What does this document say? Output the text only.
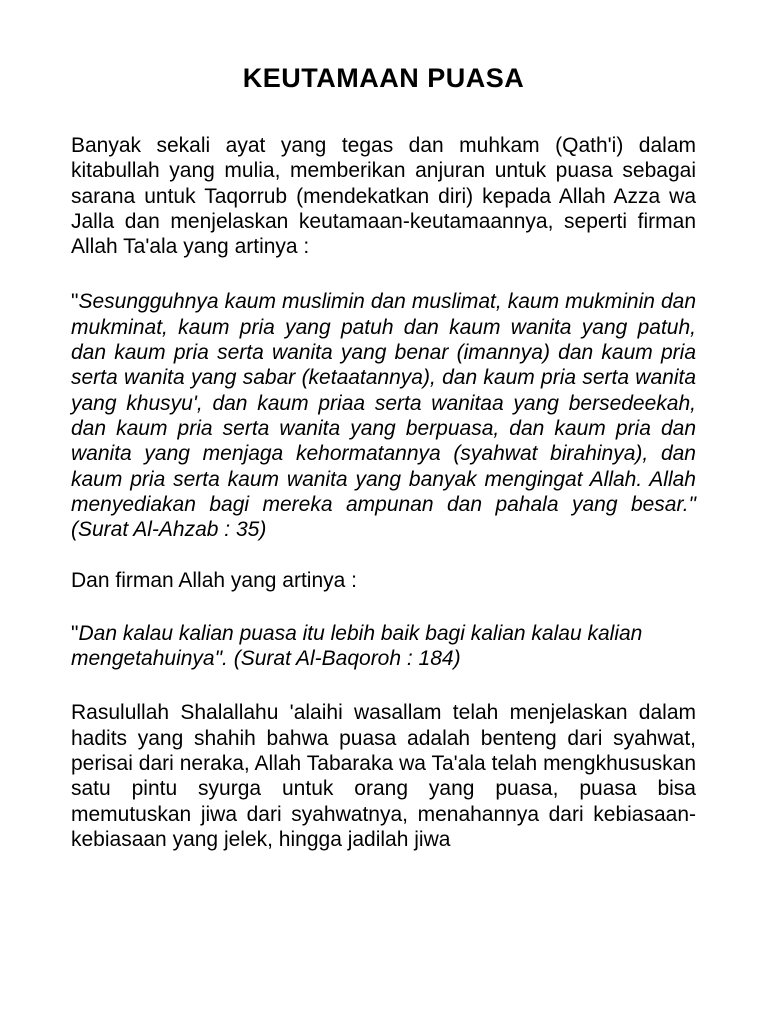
KEUTAMAAN PUASA

Banyak sekali ayat yang tegas dan muhkam (Qath'i) dalam kitabullah yang mulia, memberikan anjuran untuk puasa sebagai sarana untuk Taqorrub (mendekatkan diri) kepada Allah Azza wa Jalla dan menjelaskan keutamaan-keutamaannya, seperti firman Allah Ta'ala yang artinya :

"Sesungguhnya kaum muslimin dan muslimat, kaum mukminin dan mukminat, kaum pria yang patuh dan kaum wanita yang patuh, dan kaum pria serta wanita yang benar (imannya) dan kaum pria serta wanita yang sabar (ketaatannya), dan kaum pria serta wanita yang khusyu', dan kaum priaa serta wanitaa yang bersedeekah, dan kaum pria serta wanita yang berpuasa, dan kaum pria dan wanita yang menjaga kehormatannya (syahwat birahinya), dan kaum pria serta kaum wanita yang banyak mengingat Allah. Allah menyediakan bagi mereka ampunan dan pahala yang besar." (Surat Al-Ahzab : 35)

Dan firman Allah yang artinya :

"Dan kalau kalian puasa itu lebih baik bagi kalian kalau kalian mengetahuinya". (Surat Al-Baqoroh : 184)

Rasulullah Shalallahu 'alaihi wasallam telah menjelaskan dalam hadits yang shahih bahwa puasa adalah benteng dari syahwat, perisai dari neraka, Allah Tabaraka wa Ta'ala telah mengkhususkan satu pintu syurga untuk orang yang puasa, puasa bisa memutuskan jiwa dari syahwatnya, menahannya dari kebiasaan-kebiasaan yang jelek, hingga jadilah jiwa
